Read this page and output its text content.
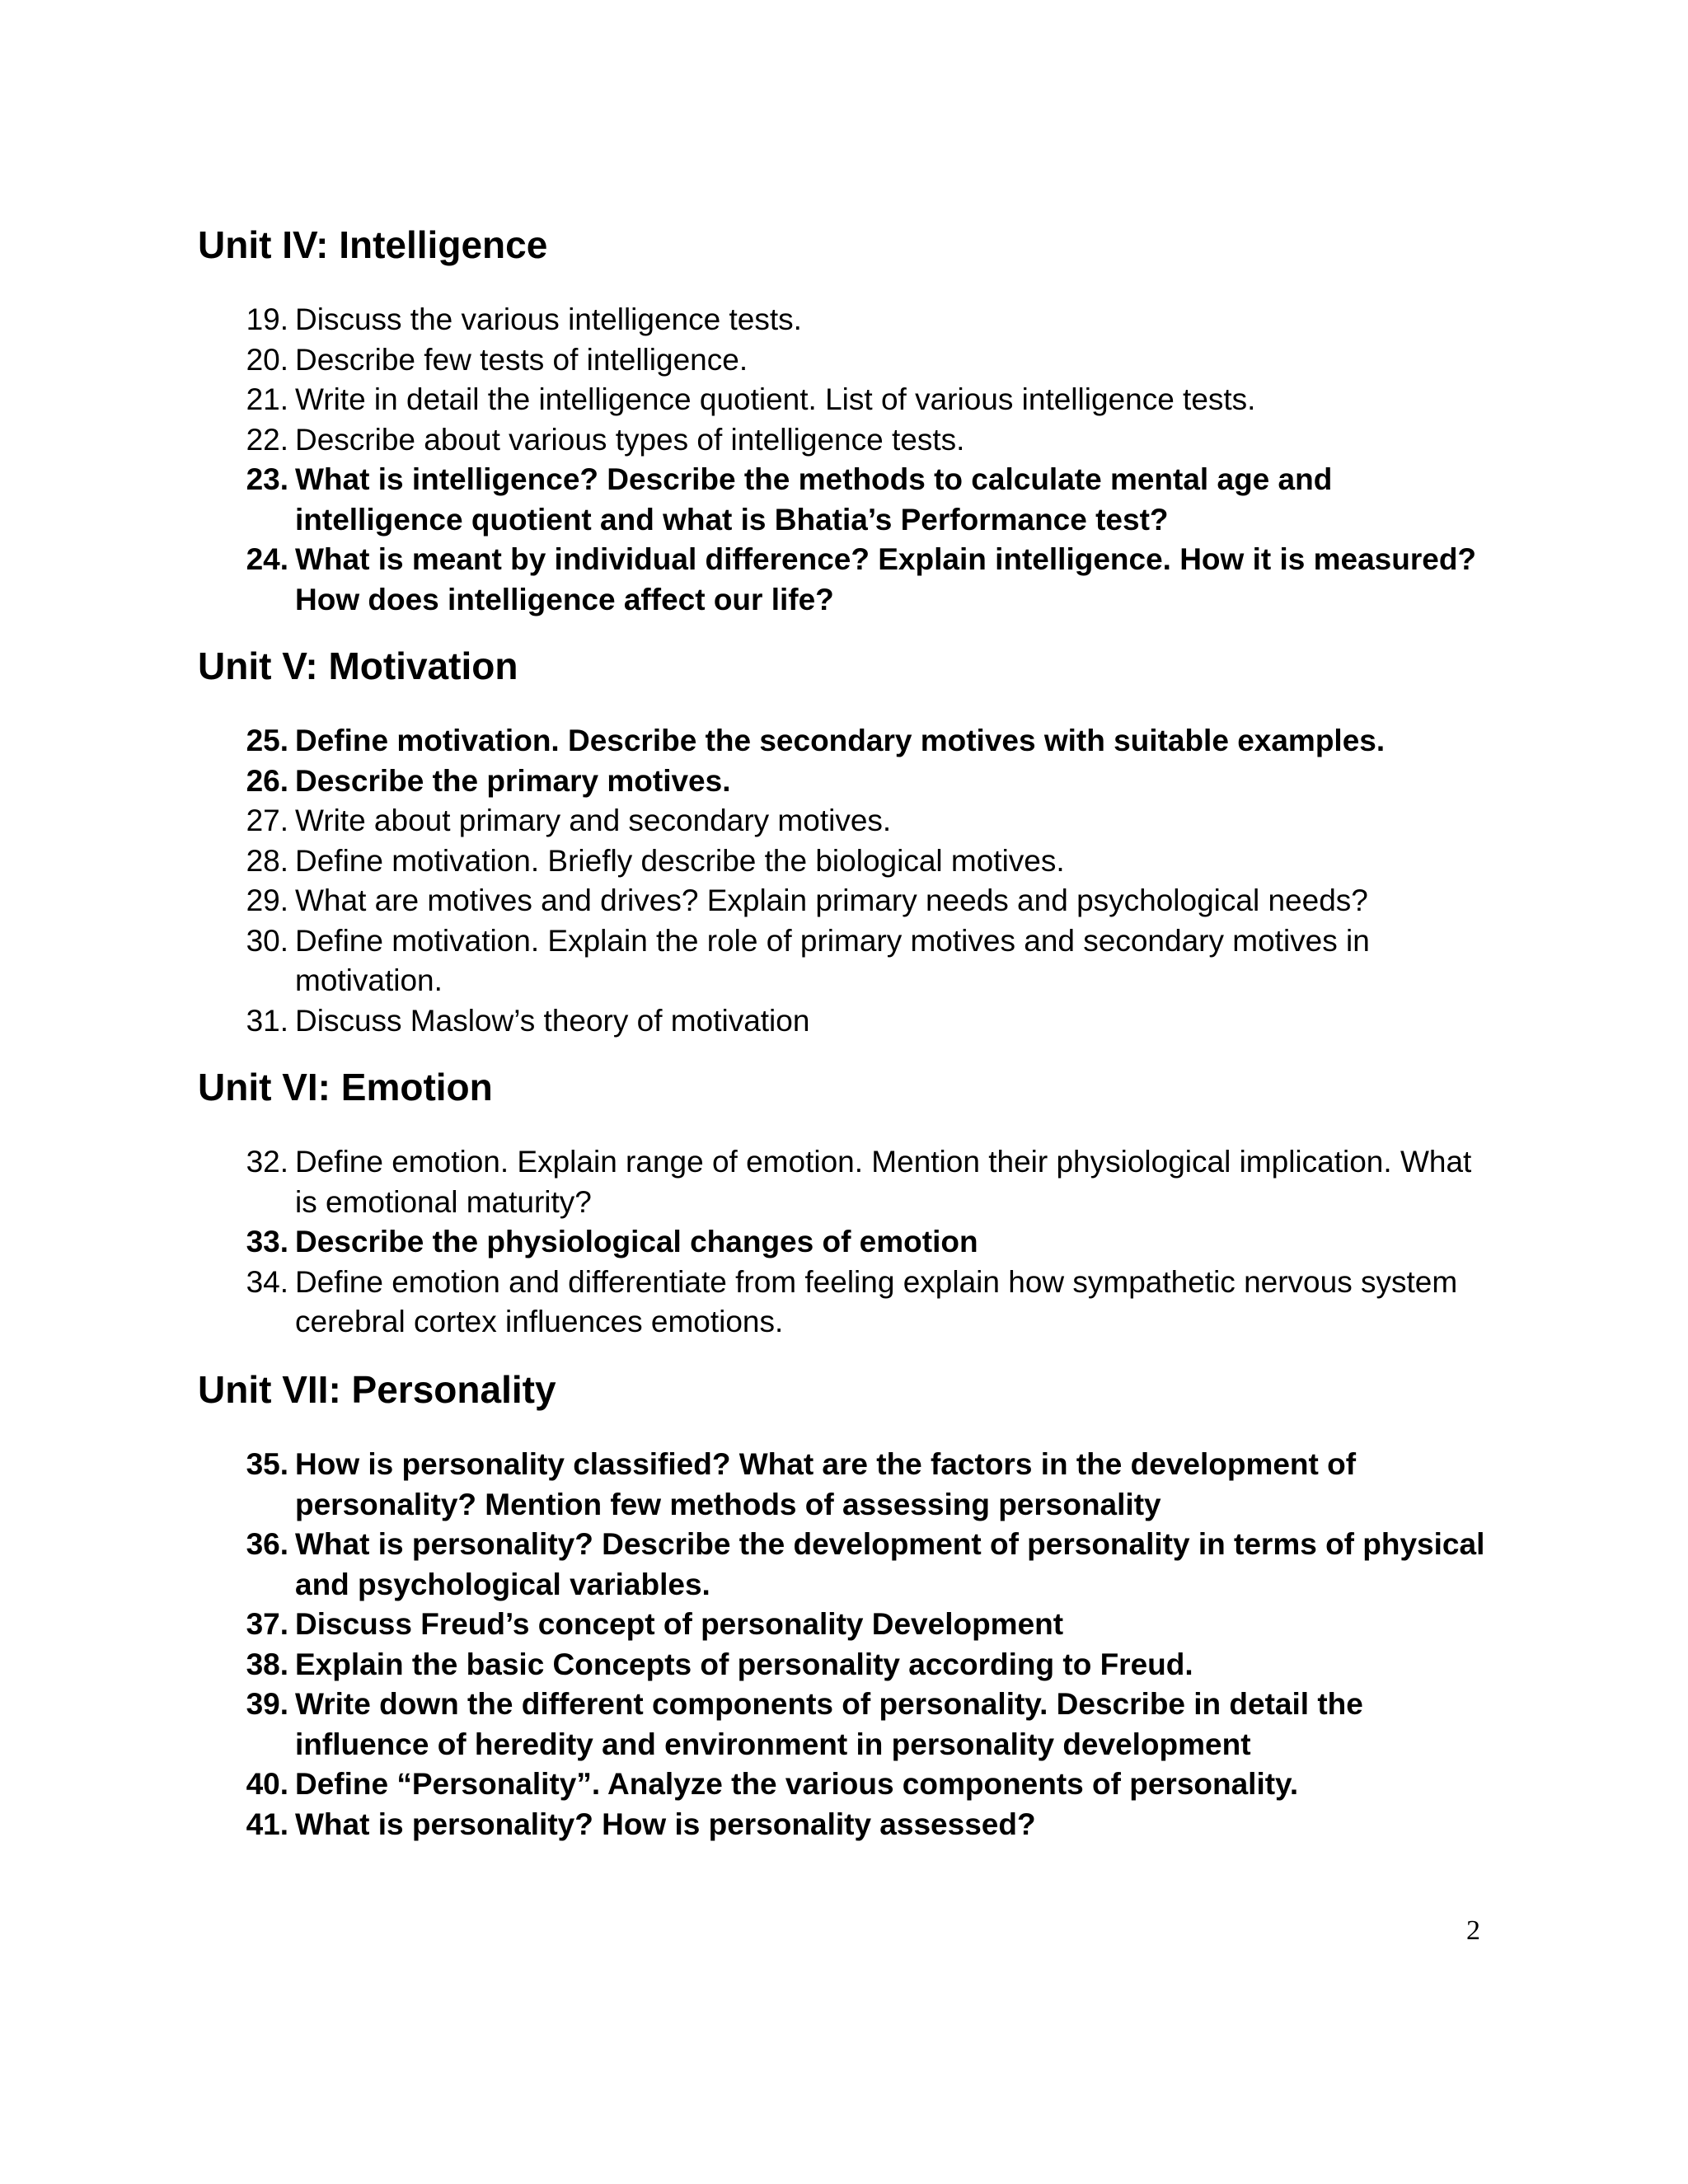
Unit IV: Intelligence
19. Discuss the various intelligence tests.
20. Describe few tests of intelligence.
21. Write in detail the intelligence quotient. List of various intelligence tests.
22. Describe about various types of intelligence tests.
23. What is intelligence? Describe the methods to calculate mental age and
intelligence quotient and what is Bhatia’s Performance test?
24. What is meant by individual difference? Explain intelligence. How it is measured?
How does intelligence affect our life?
Unit V: Motivation
25. Define motivation. Describe the secondary motives with suitable examples.
26. Describe the primary motives.
27. Write about primary and secondary motives.
28. Define motivation. Briefly describe the biological motives.
29. What are motives and drives? Explain primary needs and psychological needs?
30. Define motivation. Explain the role of primary motives and secondary motives in
motivation.
31. Discuss Maslow’s theory of motivation
Unit VI: Emotion
32. Define emotion. Explain range of emotion. Mention their physiological implication. What
is emotional maturity?
33. Describe the physiological changes of emotion
34. Define emotion and differentiate from feeling explain how sympathetic nervous system
cerebral cortex influences emotions.
Unit VII: Personality
35. How is personality classified? What are the factors in the development of
personality? Mention few methods of assessing personality
36. What is personality? Describe the development of personality in terms of physical
and psychological variables.
37. Discuss Freud’s concept of personality Development
38. Explain the basic Concepts of personality according to Freud.
39. Write down the different components of personality. Describe in detail the
influence of heredity and environment in personality development
40. Define “Personality”. Analyze the various components of personality.
41. What is personality? How is personality assessed?
2
